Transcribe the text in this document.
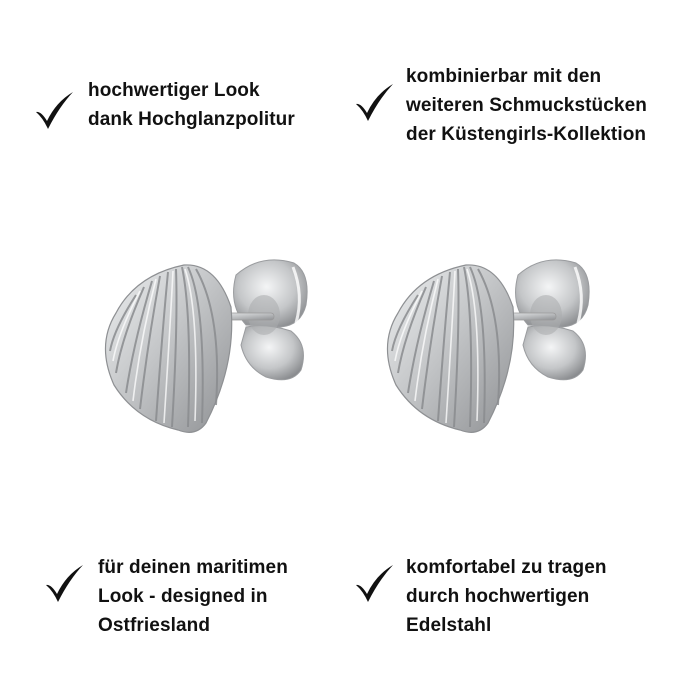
hochwertiger Look
dank Hochglanzpolitur
kombinierbar mit den
weiteren Schmuckstücken
der Küstengirls-Kollektion
für deinen maritimen
Look - designed in
Ostfriesland
komfortabel zu tragen
durch hochwertigen
Edelstahl
